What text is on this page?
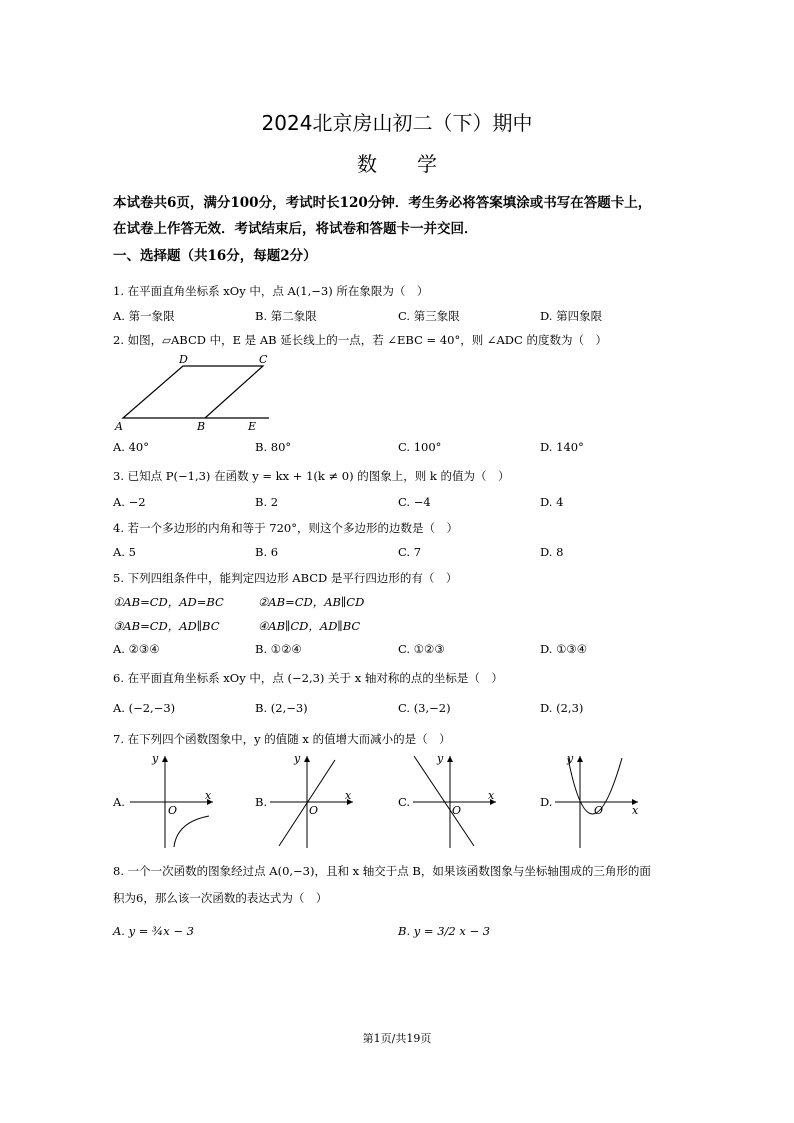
2024北京房山初二（下）期中
数学
本试卷共6页，满分100分，考试时长120分钟．考生务必将答案填涂或书写在答题卡上，
在试卷上作答无效．考试结束后，将试卷和答题卡一并交回．
一、选择题（共16分，每题2分）
1. 在平面直角坐标系 xOy 中，点 A(1,−3) 所在象限为（　）
A. 第一象限	B. 第二象限	C. 第三象限	D. 第四象限
2. 如图，▱ABCD 中，E 是 AB 延长线上的一点，若 ∠EBC = 40°，则 ∠ADC 的度数为（　）
D	C
A	B	E
A. 40°	B. 80°	C. 100°	D. 140°
3. 已知点 P(−1,3) 在函数 y = kx + 1(k ≠ 0) 的图象上，则 k 的值为（　）
A. −2	B. 2	C. −4	D. 4
4. 若一个多边形的内角和等于 720°，则这个多边形的边数是（　）
A. 5	B. 6	C. 7	D. 8
5. 下列四组条件中，能判定四边形 ABCD 是平行四边形的有（　）
①AB=CD，AD=BC	②AB=CD，AB∥CD
③AB=CD，AD∥BC	④AB∥CD，AD∥BC
A. ②③④	B. ①②④	C. ①②③	D. ①③④
6. 在平面直角坐标系 xOy 中，点 (−2,3) 关于 x 轴对称的点的坐标是（　）
A. (−2,−3)	B. (2,−3)	C. (3,−2)	D. (2,3)
7. 在下列四个函数图象中，y 的值随 x 的值增大而减小的是（　）
A.
y
x
O
B.
y
x
O
C.
y
x
O
D.
y
x
O
8. 一个一次函数的图象经过点 A(0,−3)，且和 x 轴交于点 B，如果该函数图象与坐标轴围成的三角形的面
积为6，那么该一次函数的表达式为（　）
A. y = ¾x − 3	B. y = 3/2 x − 3
第1页/共19页
